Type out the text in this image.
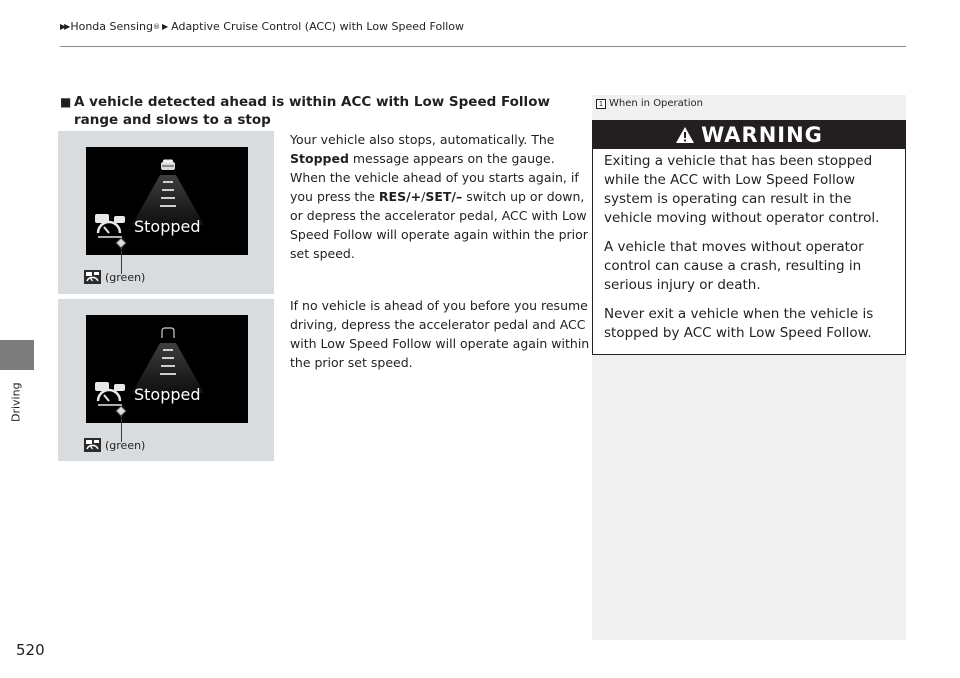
▶▶ Honda Sensing ® ▶ Adaptive Cruise Control (ACC) with Low Speed Follow
Driving
520
■ A vehicle detected ahead is within ACC with Low Speed Follow range and slows to a stop
Your vehicle also stops, automatically. The Stopped message appears on the gauge. When the vehicle ahead of you starts again, if you press the RES/+/SET/– switch up or down, or depress the accelerator pedal, ACC with Low Speed Follow will operate again within the prior set speed.
If no vehicle is ahead of you before you resume driving, depress the accelerator pedal and ACC with Low Speed Follow will operate again within the prior set speed.
Stopped
(green)
Stopped
(green)
1 When in Operation
WARNING

Exiting a vehicle that has been stopped while the ACC with Low Speed Follow system is operating can result in the vehicle moving without operator control.

A vehicle that moves without operator control can cause a crash, resulting in serious injury or death.

Never exit a vehicle when the vehicle is stopped by ACC with Low Speed Follow.
